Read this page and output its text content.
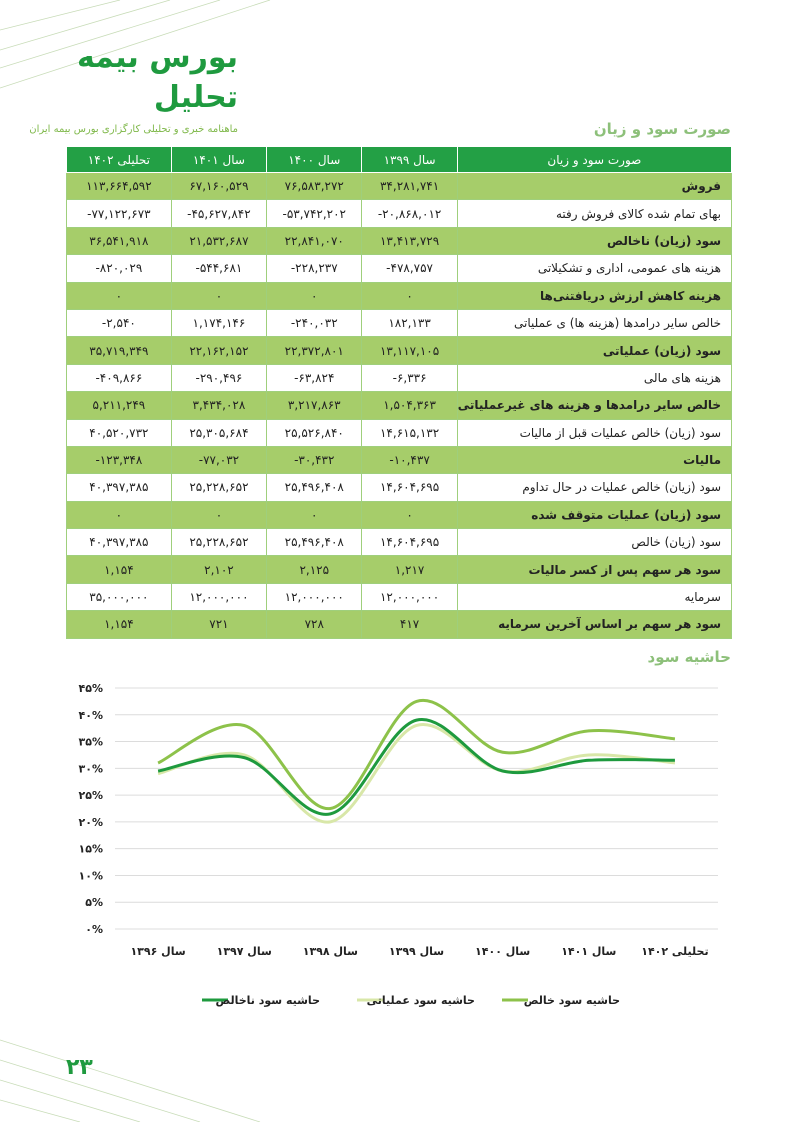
بورس بیمه تحلیل
ماهنامه خبری و تحلیلی کارگزاری بورس بیمه ایران	صورت سود و زیان
صورت سود و زیان	سال ۱۳۹۹	سال ۱۴۰۰	سال ۱۴۰۱	تحلیلی ۱۴۰۲
فروش	۳۴,۲۸۱,۷۴۱	۷۶,۵۸۳,۲۷۲	۶۷,۱۶۰,۵۲۹	۱۱۳,۶۶۴,۵۹۲
بهای تمام شده کالای فروش رفته	-۲۰,۸۶۸,۰۱۲	-۵۳,۷۴۲,۲۰۲	-۴۵,۶۲۷,۸۴۲	-۷۷,۱۲۲,۶۷۳
سود (زیان) ناخالص	۱۳,۴۱۳,۷۲۹	۲۲,۸۴۱,۰۷۰	۲۱,۵۳۲,۶۸۷	۳۶,۵۴۱,۹۱۸
هزینه های عمومی، اداری و تشکیلاتی	-۴۷۸,۷۵۷	-۲۲۸,۲۳۷	-۵۴۴,۶۸۱	-۸۲۰,۰۲۹
هزینه کاهش ارزش دریافتنی‌ها	۰	۰	۰	۰
خالص سایر درامدها (هزینه ها) ی عملیاتی	۱۸۲,۱۳۳	-۲۴۰,۰۳۲	۱,۱۷۴,۱۴۶	-۲,۵۴۰
سود (زیان) عملیاتی	۱۳,۱۱۷,۱۰۵	۲۲,۳۷۲,۸۰۱	۲۲,۱۶۲,۱۵۲	۳۵,۷۱۹,۳۴۹
هزینه های مالی	-۶,۳۳۶	-۶۳,۸۲۴	-۲۹۰,۴۹۶	-۴۰۹,۸۶۶
خالص سایر درامدها و هزینه های غیرعملیاتی	۱,۵۰۴,۳۶۳	۳,۲۱۷,۸۶۳	۳,۴۳۴,۰۲۸	۵,۲۱۱,۲۴۹
سود (زیان) خالص عملیات قبل از مالیات	۱۴,۶۱۵,۱۳۲	۲۵,۵۲۶,۸۴۰	۲۵,۳۰۵,۶۸۴	۴۰,۵۲۰,۷۳۲
مالیات	-۱۰,۴۳۷	-۳۰,۴۳۲	-۷۷,۰۳۲	-۱۲۳,۳۴۸
سود (زیان) خالص عملیات در حال تداوم	۱۴,۶۰۴,۶۹۵	۲۵,۴۹۶,۴۰۸	۲۵,۲۲۸,۶۵۲	۴۰,۳۹۷,۳۸۵
سود (زیان) عملیات متوقف شده	۰	۰	۰	۰
سود (زیان) خالص	۱۴,۶۰۴,۶۹۵	۲۵,۴۹۶,۴۰۸	۲۵,۲۲۸,۶۵۲	۴۰,۳۹۷,۳۸۵
سود هر سهم پس از کسر مالیات	۱,۲۱۷	۲,۱۲۵	۲,۱۰۲	۱,۱۵۴
سرمایه	۱۲,۰۰۰,۰۰۰	۱۲,۰۰۰,۰۰۰	۱۲,۰۰۰,۰۰۰	۳۵,۰۰۰,۰۰۰
سود هر سهم بر اساس آخرین سرمایه	۴۱۷	۷۲۸	۷۲۱	۱,۱۵۴
حاشیه سود
۰%
۵%
۱۰%
۱۵%
۲۰%
۲۵%
۳۰%
۳۵%
۴۰%
۴۵%
سال ۱۳۹۶	سال ۱۳۹۷	سال ۱۳۹۸	سال ۱۳۹۹	سال ۱۴۰۰	سال ۱۴۰۱ تحلیلی ۱۴۰۲
حاشیه سود خالص
حاشیه سود عملیاتی
حاشیه سود ناخالص
۲۳
